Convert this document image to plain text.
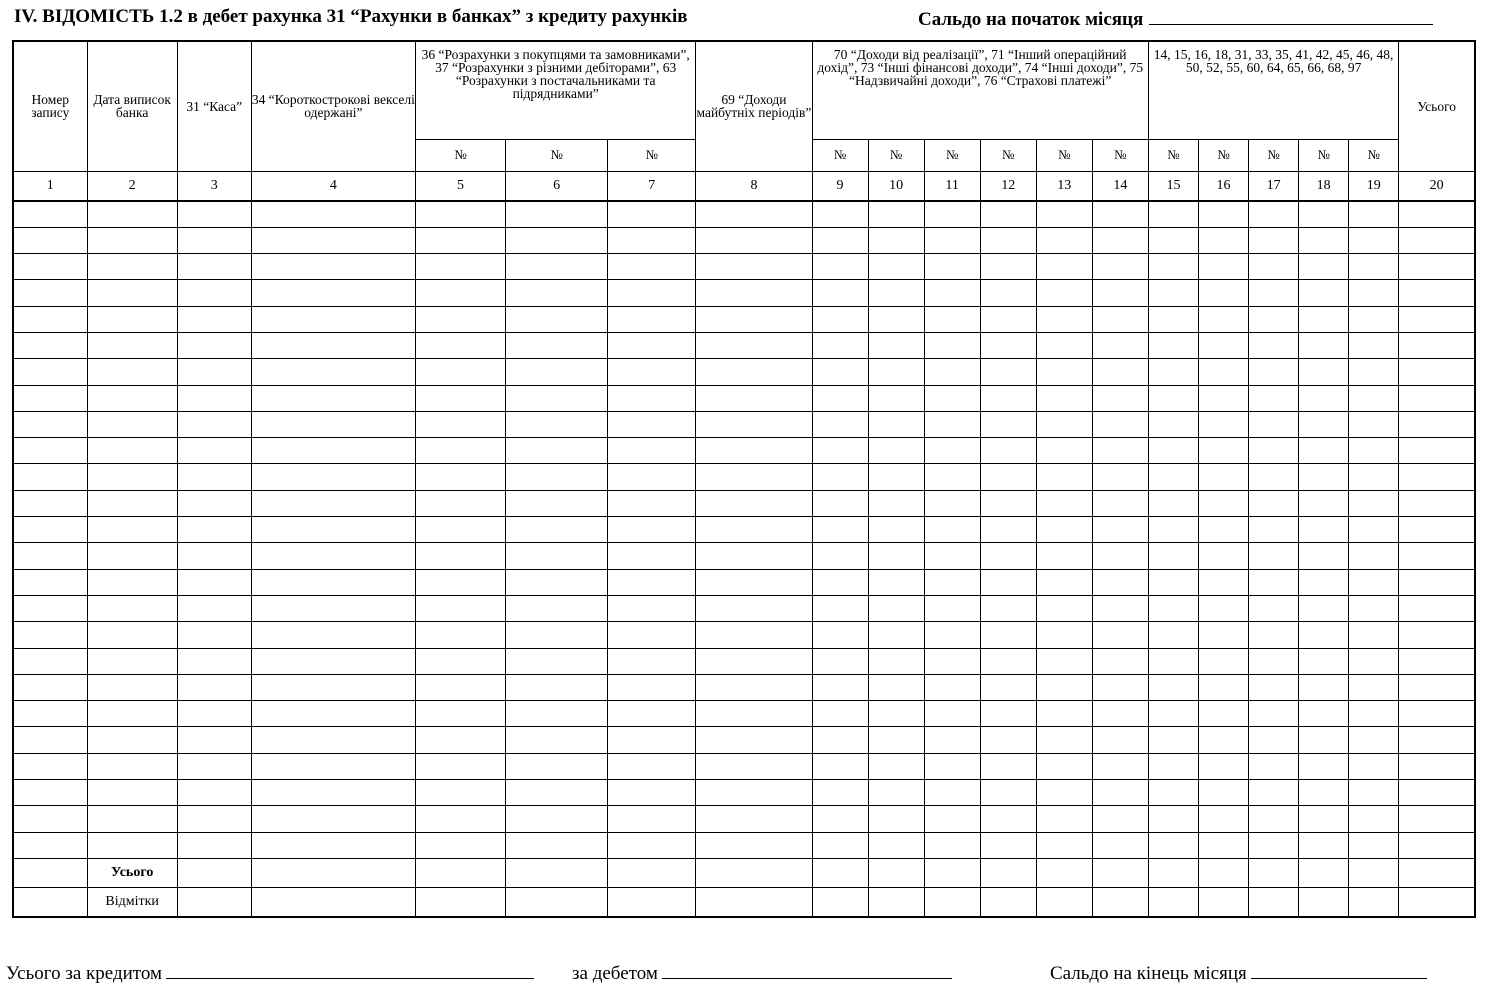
IV. ВІДОМІСТЬ 1.2 в дебет рахунка 31 “Рахунки в банках” з кредиту рахунків	Сальдо на початок місяця
Номер запису	Дата виписок банка	31 “Каса”	34 “Короткострокові векселі одержані”	36 “Розрахунки з покупцями та замовниками”, 37 “Розрахунки з різними дебіторами”, 63 “Розрахунки з постачальниками та підрядниками”			69 “Доходи майбутніх періодів”	70 “Доходи від реалізації”, 71 “Інший операційний дохід”, 73 “Інші фінансові доходи”, 74 “Інші доходи”, 75 “Надзвичайні доходи”, 76 “Страхові платежі”						14, 15, 16, 18, 31, 33, 35, 41, 42, 45, 46, 48, 50, 52, 55, 60, 64, 65, 66, 68, 97					Усього
				№	№	№		№	№	№	№	№	№	№	№	№	№	№	
1	2	3	4	5	6	7	8	9	10	11	12	13	14	15	16	17	18	19	20

	Усього																		
	Відмітки																		
Усього за кредитом	за дебетом	Сальдо на кінець місяця
